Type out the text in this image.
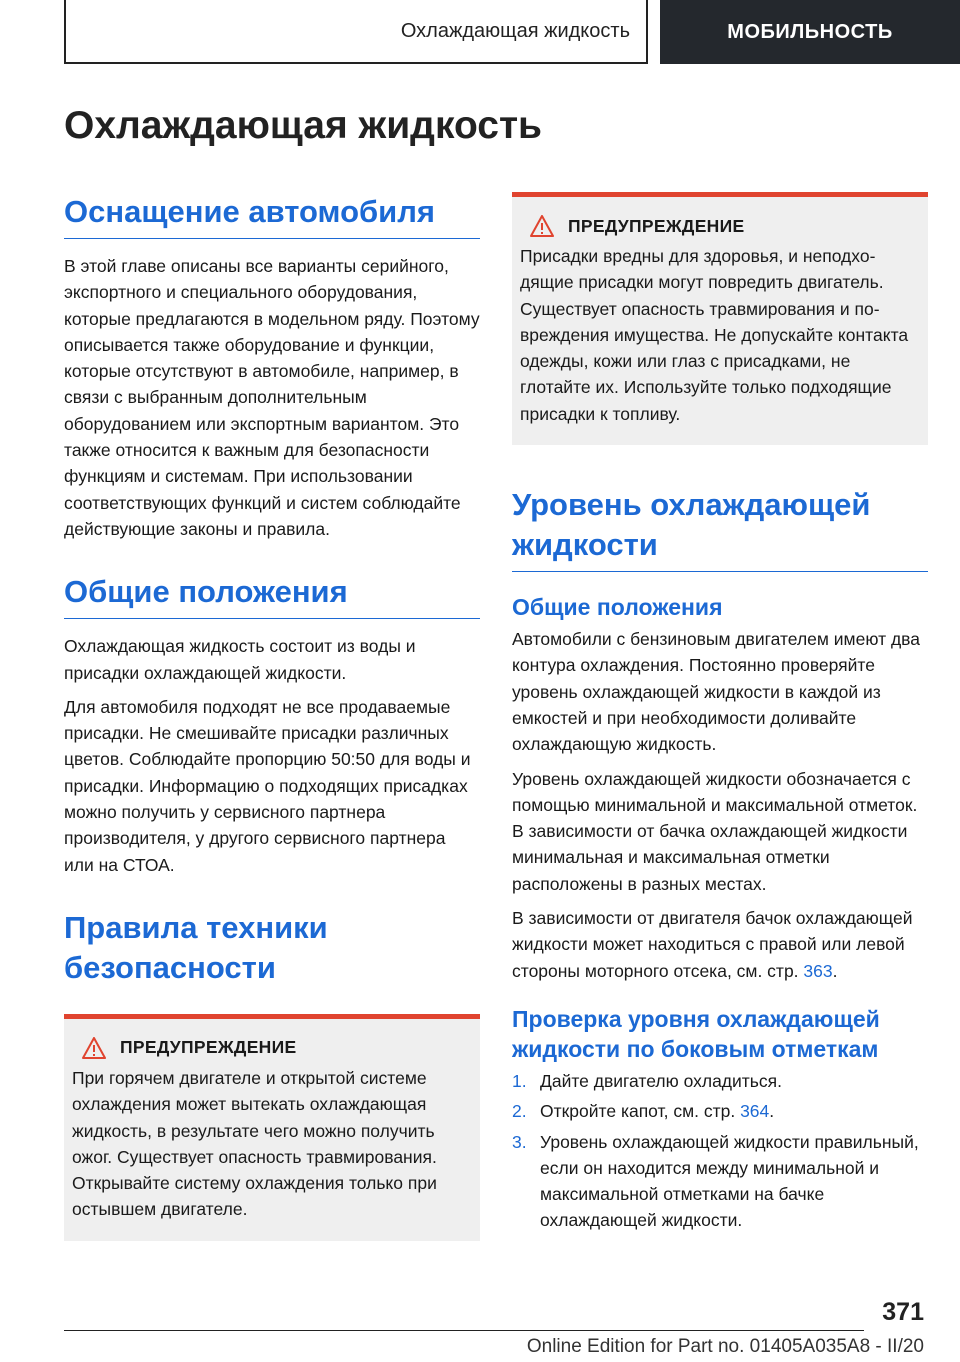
Охлаждающая жидкость	МОБИЛЬНОСТЬ
Охлаждающая жидкость
Оснащение автомобиля

В этой главе описаны все варианты серийного, экспортного и специального оборудования, которые предлагаются в модельном ряду. Поэтому описывается также оборудование и функции, которые отсутствуют в автомобиле, например, в связи с выбранным дополнительным оборудованием или экспортным вариантом. Это также относится к важным для безопасности функциям и системам. При использовании соответствующих функций и систем соблюдайте действующие законы и правила.

Общие положения

Охлаждающая жидкость состоит из воды и присадки охлаждающей жидкости.

Для автомобиля подходят не все продаваемые присадки. Не смешивайте присадки различных цветов. Соблюдайте пропорцию 50:50 для воды и присадки. Информацию о подходящих присадках можно получить у сервисного партнера производителя, у другого сервисного партнера или на СТОА.

Правила техники безопасности
ПРЕДУПРЕЖДЕНИЕ

При горячем двигателе и открытой системе охлаждения может вытекать охлаждающая жидкость, в результате чего можно получить ожог. Существует опасность травмирования. Открывайте систему охлаждения только при остывшем двигателе.

ПРЕДУПРЕЖДЕНИЕ

Присадки вредны для здоровья, и неподходящие присадки могут повредить двигатель. Существует опасность травмирования и повреждения имущества. Не допускайте контакта одежды, кожи или глаз с присадками, не глотайте их. Используйте только подходящие присадки к топливу.

Уровень охлаждающей жидкости
Общие положения

Автомобили с бензиновым двигателем имеют два контура охлаждения. Постоянно проверяйте уровень охлаждающей жидкости в каждой из емкостей и при необходимости доливайте охлаждающую жидкость.

Уровень охлаждающей жидкости обозначается с помощью минимальной и максимальной отметок. В зависимости от бачка охлаждающей жидкости минимальная и максимальная отметки расположены в разных местах.

В зависимости от двигателя бачок охлаждающей жидкости может находиться с правой или левой стороны моторного отсека, см. стр. 363.

Проверка уровня охлаждающей жидкости по боковым отметкам
1. Дайте двигателю охладиться.
2. Откройте капот, см. стр. 364.
3. Уровень охлаждающей жидкости правильный, если он находится между минимальной и максимальной отметками на бачке охлаждающей жидкости.
371
Online Edition for Part no. 01405A035A8 - II/20
